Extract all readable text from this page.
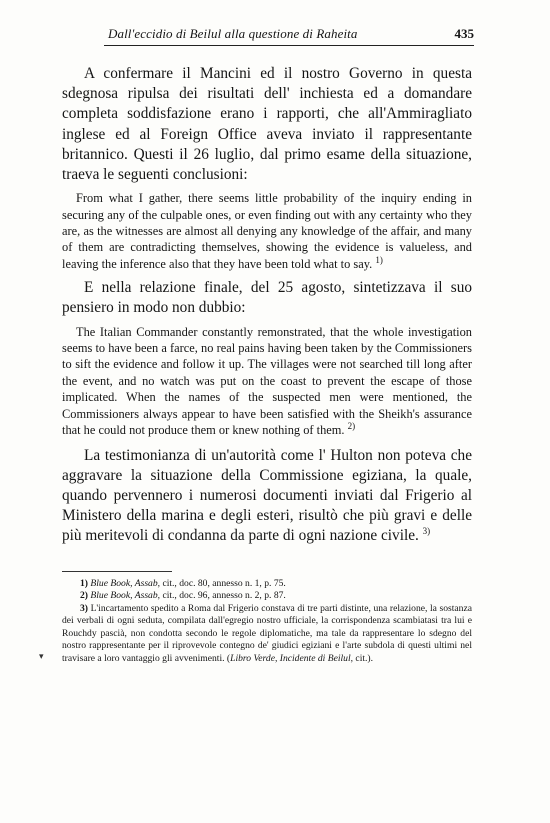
Dall'eccidio di Beilul alla questione di Raheita	435

A confermare il Mancini ed il nostro Governo in questa sdegnosa ripulsa dei risultati dell' inchiesta ed a domandare completa soddisfazione erano i rapporti, che all'Ammiragliato inglese ed al Foreign Office aveva inviato il rappresentante britannico. Questi il 26 luglio, dal primo esame della situazione, traeva le seguenti conclusioni:

From what I gather, there seems little probability of the inquiry ending in securing any of the culpable ones, or even finding out with any certainty who they are, as the witnesses are almost all denying any knowledge of the affair, and many of them are contradicting themselves, showing the evidence is valueless, and leaving the inference also that they have been told what to say. $^{1)}$

E nella relazione finale, del 25 agosto, sintetizzava il suo pensiero in modo non dubbio:

The Italian Commander constantly remonstrated, that the whole investigation seems to have been a farce, no real pains having been taken by the Commissioners to sift the evidence and follow it up. The villages were not searched till long after the event, and no watch was put on the coast to prevent the escape of those implicated. When the names of the suspected men were mentioned, the Commissioners always appear to have been satisfied with the Sheikh's assurance that he could not produce them or knew nothing of them. $^{2)}$

La testimonianza di un'autorità come l' Hulton non poteva che aggravare la situazione della Commissione egiziana, la quale, quando pervennero i numerosi documenti inviati dal Frigerio al Ministero della marina e degli esteri, risultò che più gravi e delle più meritevoli di condanna da parte di ogni nazione civile. $^{3)}$

1) Blue Book, Assab, cit., doc. 80, annesso n. 1, p. 75.

2) Blue Book, Assab, cit., doc. 96, annesso n. 2, p. 87.

3) L'incartamento spedito a Roma dal Frigerio constava di tre parti distinte, una relazione, la sostanza dei verbali di ogni seduta, compilata dall'egregio nostro ufficiale, la corrispondenza scambiatasi tra lui e Rouchdy pascià, non condotta secondo le regole diplomatiche, ma tale da rappresentare lo sdegno del nostro rappresentante per il riprovevole contegno de' giudici egiziani e l'arte subdola di questi ultimi nel travisare a loro vantaggio gli avvenimenti. (Libro Verde, Incidente di Beilul, cit.).

▾
